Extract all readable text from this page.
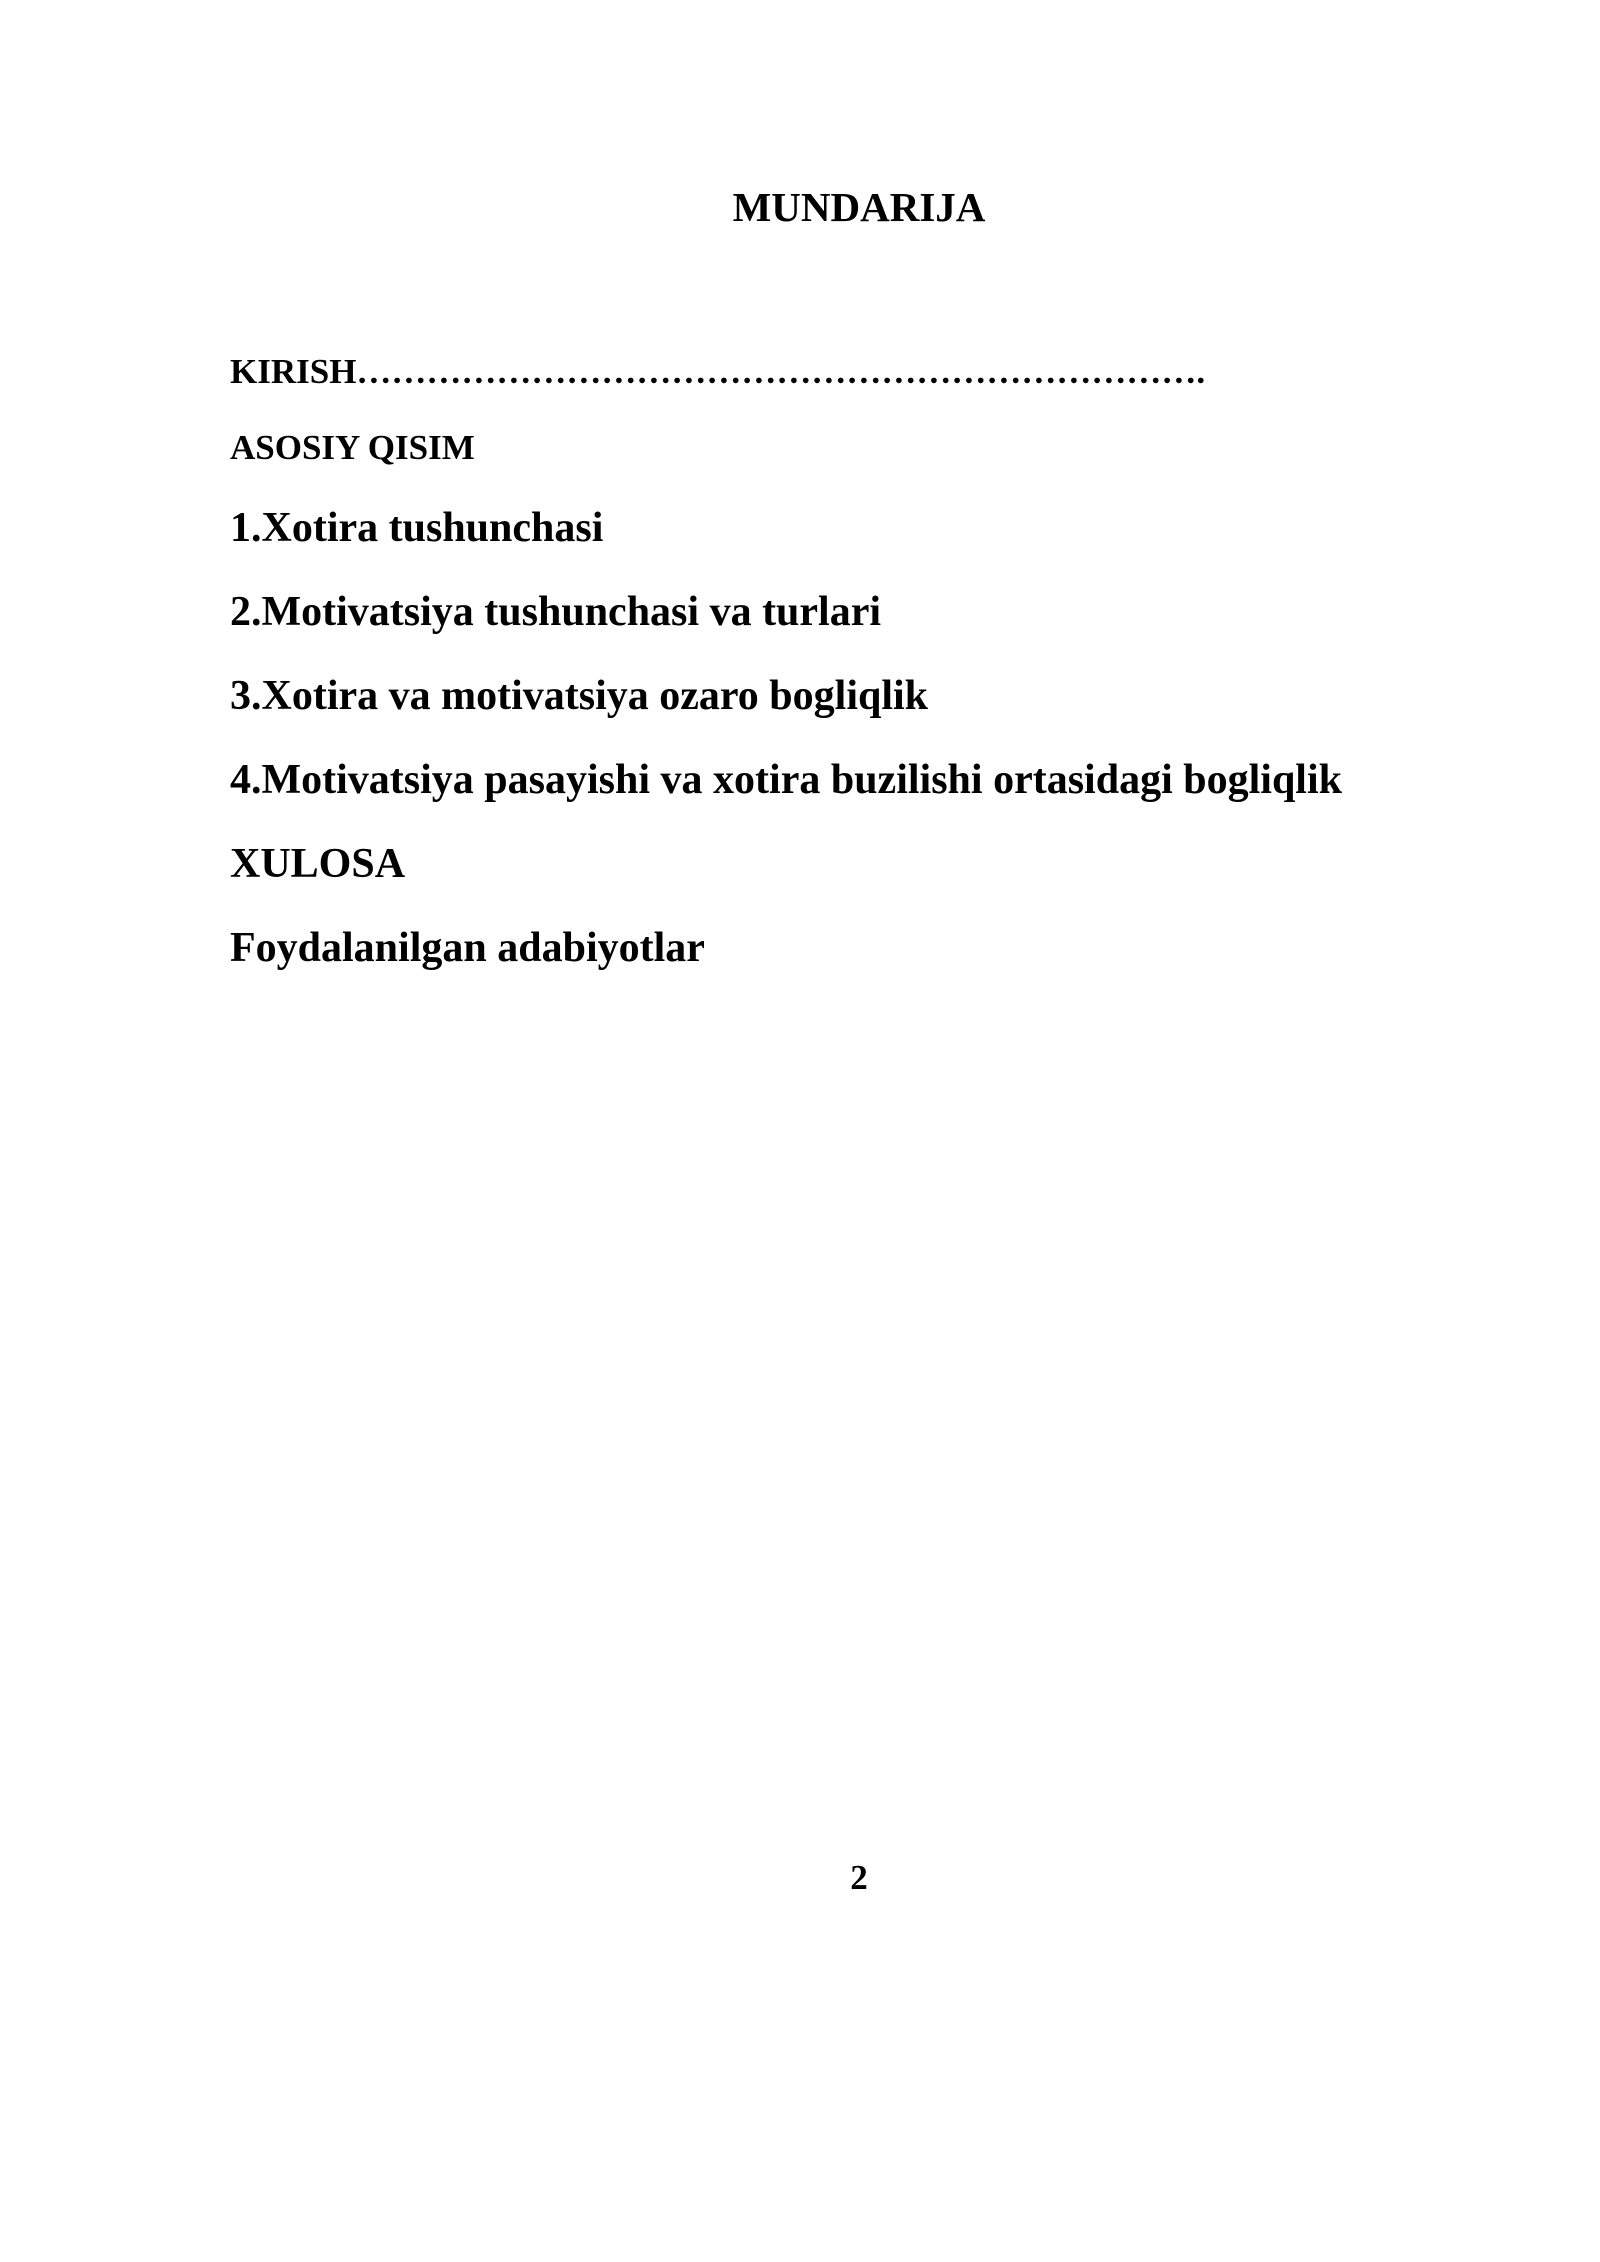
MUNDARIJA
KIRISH……………………………………………………………….
ASOSIY QISIM
1.Xotira tushunchasi
2.Motivatsiya tushunchasi va turlari
3.Xotira va motivatsiya ozaro bogliqlik
4.Motivatsiya pasayishi va xotira buzilishi ortasidagi bogliqlik
XULOSA
Foydalanilgan adabiyotlar
2
